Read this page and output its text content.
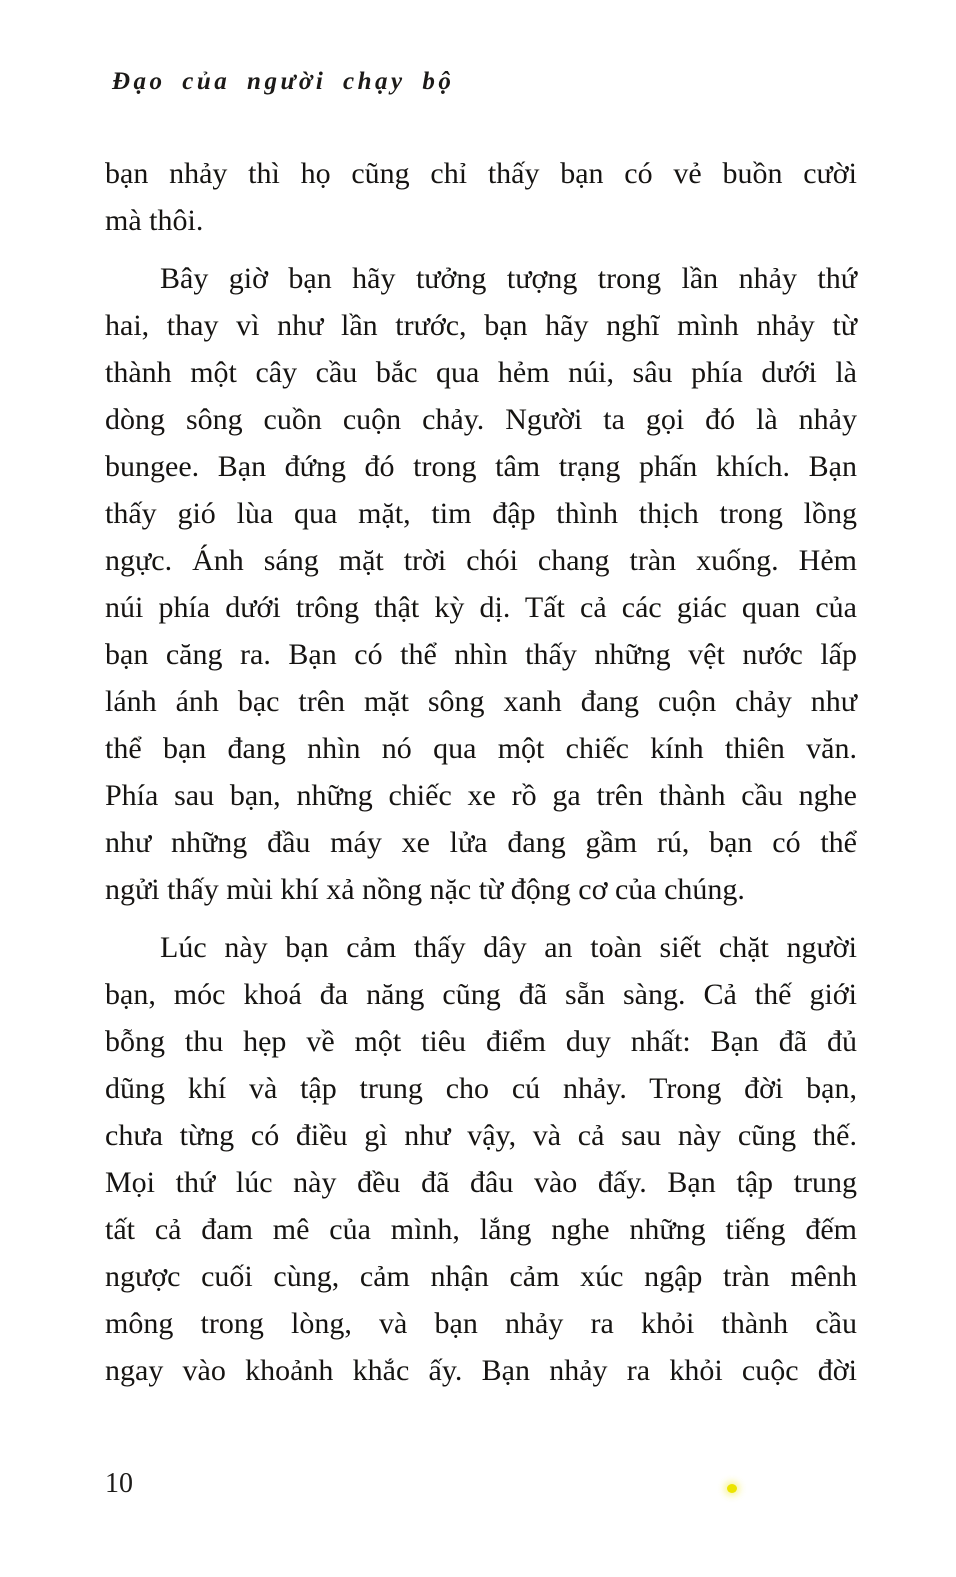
Đạo của người chạy bộ
bạn nhảy thì họ cũng chỉ thấy bạn có vẻ buồn cười
mà thôi.
Bây giờ bạn hãy tưởng tượng trong lần nhảy thứ
hai, thay vì như lần trước, bạn hãy nghĩ mình nhảy từ
thành một cây cầu bắc qua hẻm núi, sâu phía dưới là
dòng sông cuồn cuộn chảy. Người ta gọi đó là nhảy
bungee. Bạn đứng đó trong tâm trạng phấn khích. Bạn
thấy gió lùa qua mặt, tim đập thình thịch trong lồng
ngực. Ánh sáng mặt trời chói chang tràn xuống. Hẻm
núi phía dưới trông thật kỳ dị. Tất cả các giác quan của
bạn căng ra. Bạn có thể nhìn thấy những vệt nước lấp
lánh ánh bạc trên mặt sông xanh đang cuộn chảy như
thể bạn đang nhìn nó qua một chiếc kính thiên văn.
Phía sau bạn, những chiếc xe rồ ga trên thành cầu nghe
như những đầu máy xe lửa đang gầm rú, bạn có thể
ngửi thấy mùi khí xả nồng nặc từ động cơ của chúng.
Lúc này bạn cảm thấy dây an toàn siết chặt người
bạn, móc khoá đa năng cũng đã sẵn sàng. Cả thế giới
bỗng thu hẹp về một tiêu điểm duy nhất: Bạn đã đủ
dũng khí và tập trung cho cú nhảy. Trong đời bạn,
chưa từng có điều gì như vậy, và cả sau này cũng thế.
Mọi thứ lúc này đều đã đâu vào đấy. Bạn tập trung
tất cả đam mê của mình, lắng nghe những tiếng đếm
ngược cuối cùng, cảm nhận cảm xúc ngập tràn mênh
mông trong lòng, và bạn nhảy ra khỏi thành cầu
ngay vào khoảnh khắc ấy. Bạn nhảy ra khỏi cuộc đời
10
